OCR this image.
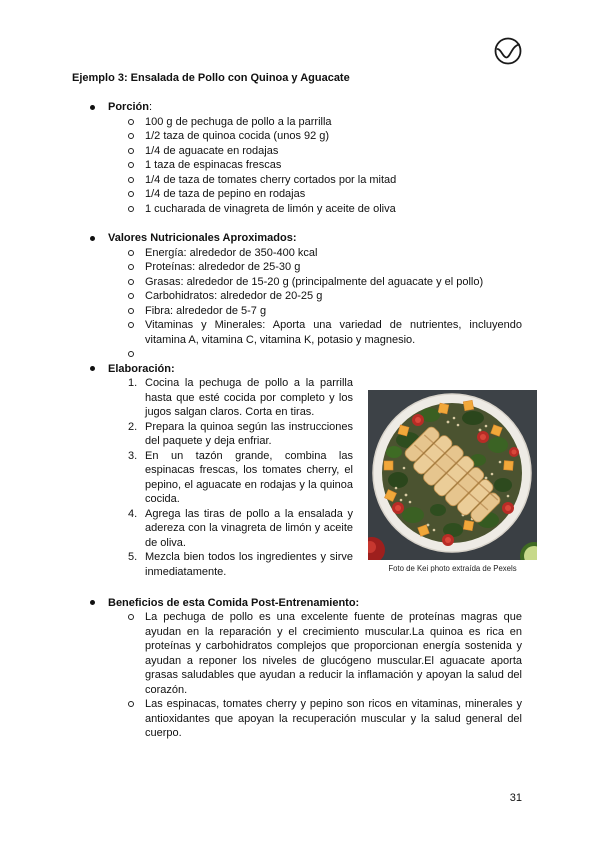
Ejemplo 3: Ensalada de Pollo con Quinoa y Aguacate
Porción:
100 g de pechuga de pollo a la parrilla
1/2 taza de quinoa cocida (unos 92 g)
1/4 de aguacate en rodajas
1 taza de espinacas frescas
1/4 de taza de tomates cherry cortados por la mitad
1/4 de taza de pepino en rodajas
1 cucharada de vinagreta de limón y aceite de oliva
Valores Nutricionales Aproximados:
Energía: alrededor de 350-400 kcal
Proteínas: alrededor de 25-30 g
Grasas: alrededor de 15-20 g (principalmente del aguacate y el pollo)
Carbohidratos: alrededor de 20-25 g
Fibra: alrededor de 5-7 g
Vitaminas y Minerales: Aporta una variedad de nutrientes, incluyendo
vitamina A, vitamina C, vitamina K, potasio y magnesio.
Elaboración:
1. Cocina la pechuga de pollo a la parrilla
hasta que esté cocida por completo y los
jugos salgan claros. Corta en tiras.
2. Prepara la quinoa según las instrucciones
del paquete y deja enfriar.
3. En un tazón grande, combina las
espinacas frescas, los tomates cherry, el
pepino, el aguacate en rodajas y la quinoa
cocida.
4. Agrega las tiras de pollo a la ensalada y
adereza con la vinagreta de limón y aceite
de oliva.
5. Mezcla bien todos los ingredientes y sirve
inmediatamente.	Foto de Kei photo extraída de Pexels
Beneficios de esta Comida Post-Entrenamiento:
La pechuga de pollo es una excelente fuente de proteínas magras que
ayudan en la reparación y el crecimiento muscular.La quinoa es rica en
proteínas y carbohidratos complejos que proporcionan energía sostenida y
ayudan a reponer los niveles de glucógeno muscular.El aguacate aporta
grasas saludables que ayudan a reducir la inflamación y apoyan la salud del
corazón.
Las espinacas, tomates cherry y pepino son ricos en vitaminas, minerales y
antioxidantes que apoyan la recuperación muscular y la salud general del
cuerpo.
31
